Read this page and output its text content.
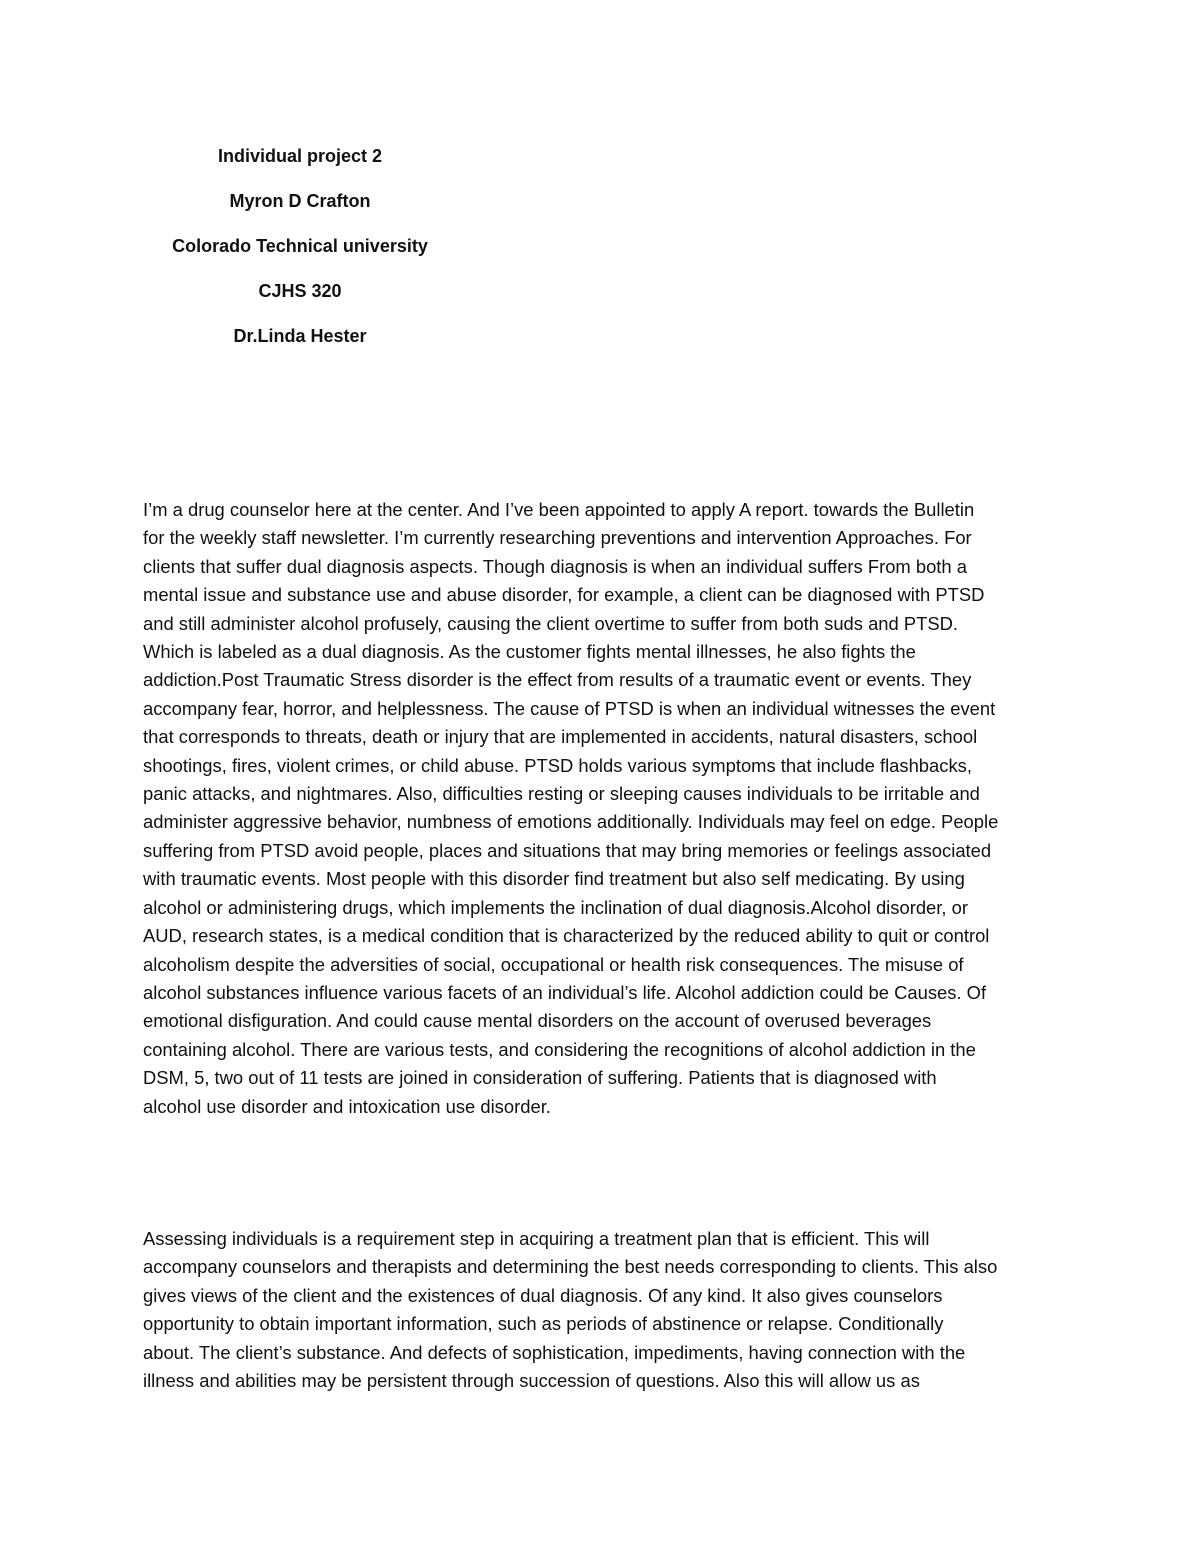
Individual project 2
Myron D Crafton
Colorado Technical university
CJHS 320
Dr.Linda Hester
I’m a drug counselor here at the center. And I’ve been appointed to apply A report. towards the Bulletin
for the weekly staff newsletter. I’m currently researching preventions and intervention Approaches. For
clients that suffer dual diagnosis aspects. Though diagnosis is when an individual suffers From both a
mental issue and substance use and abuse disorder, for example, a client can be diagnosed with PTSD
and still administer alcohol profusely, causing the client overtime to suffer from both suds and PTSD.
Which is labeled as a dual diagnosis. As the customer fights mental illnesses, he also fights the
addiction.Post Traumatic Stress disorder is the effect from results of a traumatic event or events. They
accompany fear, horror, and helplessness. The cause of PTSD is when an individual witnesses the event
that corresponds to threats, death or injury that are implemented in accidents, natural disasters, school
shootings, fires, violent crimes, or child abuse. PTSD holds various symptoms that include flashbacks,
panic attacks, and nightmares. Also, difficulties resting or sleeping causes individuals to be irritable and
administer aggressive behavior, numbness of emotions additionally. Individuals may feel on edge. People
suffering from PTSD avoid people, places and situations that may bring memories or feelings associated
with traumatic events. Most people with this disorder find treatment but also self medicating. By using
alcohol or administering drugs, which implements the inclination of dual diagnosis.Alcohol disorder, or
AUD, research states, is a medical condition that is characterized by the reduced ability to quit or control
alcoholism despite the adversities of social, occupational or health risk consequences. The misuse of
alcohol substances influence various facets of an individual’s life. Alcohol addiction could be Causes. Of
emotional disfiguration. And could cause mental disorders on the account of overused beverages
containing alcohol. There are various tests, and considering the recognitions of alcohol addiction in the
DSM, 5, two out of 11 tests are joined in consideration of suffering. Patients that is diagnosed with
alcohol use disorder and intoxication use disorder.
Assessing individuals is a requirement step in acquiring a treatment plan that is efficient. This will
accompany counselors and therapists and determining the best needs corresponding to clients. This also
gives views of the client and the existences of dual diagnosis. Of any kind. It also gives counselors
opportunity to obtain important information, such as periods of abstinence or relapse. Conditionally
about. The client’s substance. And defects of sophistication, impediments, having connection with the
illness and abilities may be persistent through succession of questions. Also this will allow us as
